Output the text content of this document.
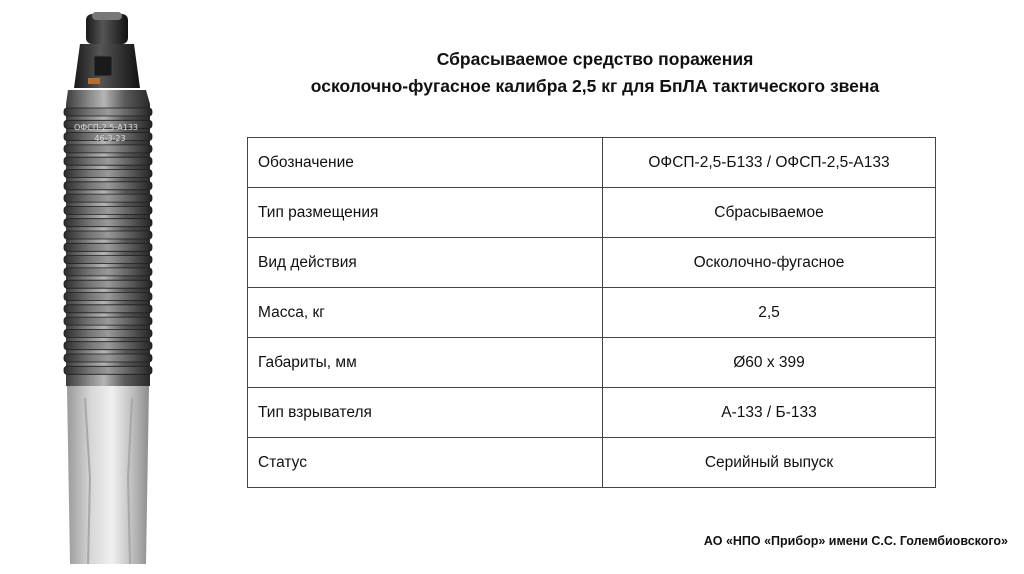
ОФСП-2,5-А133
46-3-23
Сбрасываемое средство поражения
осколочно-фугасное калибра 2,5 кг для БпЛА тактического звена
Обозначение	ОФСП-2,5-Б133 / ОФСП-2,5-А133
Тип размещения	Сбрасываемое
Вид действия	Осколочно-фугасное
Масса, кг	2,5
Габариты, мм	Ø60 x 399
Тип взрывателя	А-133 / Б-133
Статус	Серийный выпуск
АО «НПО «Прибор» имени С.С. Голембиовского»
